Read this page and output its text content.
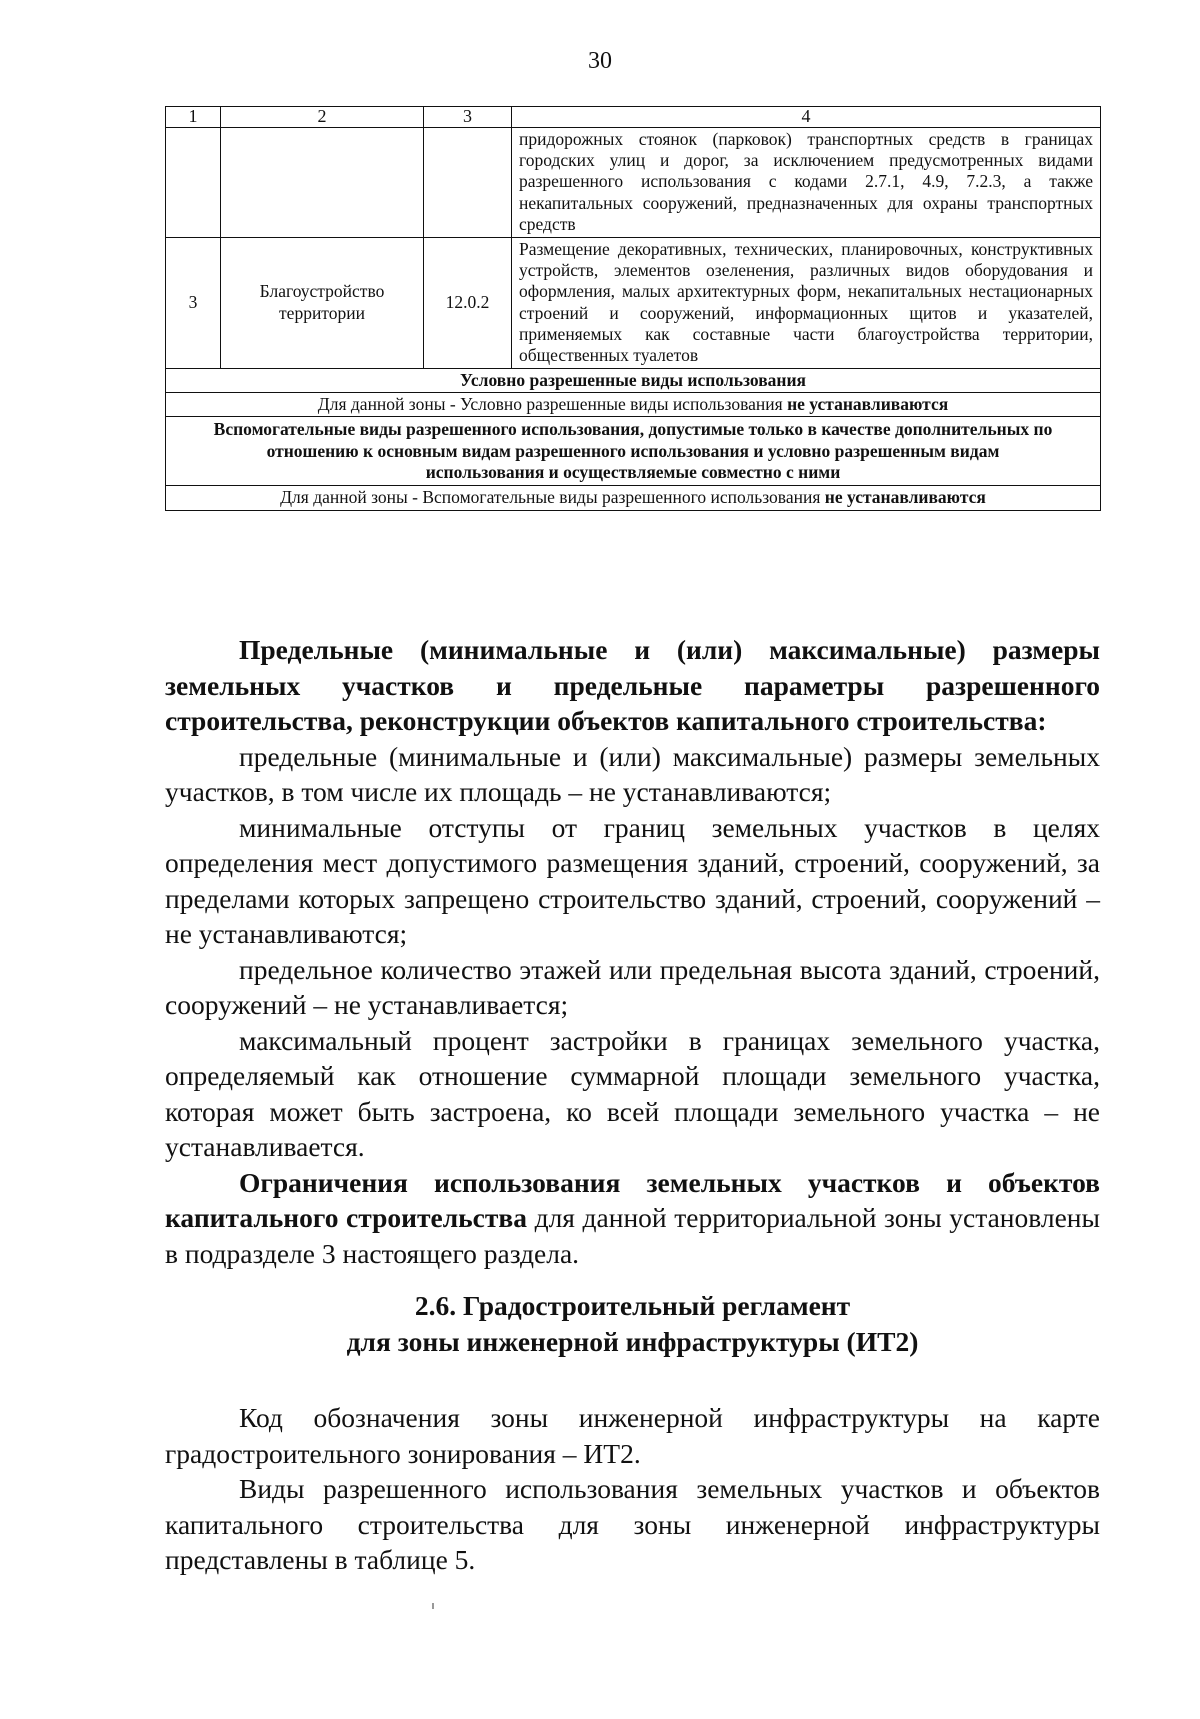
30
1	2	3	4
			придорожных стоянок (парковок) транспортных средств в границах городских улиц и дорог, за исключением предусмотренных видами разрешенного использования с кодами 2.7.1, 4.9, 7.2.3, а также некапитальных сооружений, предназначенных для охраны транспортных средств
3	Благоустройство территории	12.0.2	Размещение декоративных, технических, планировочных, конструктивных устройств, элементов озеленения, различных видов оборудования и оформления, малых архитектурных форм, некапитальных нестационарных строений и сооружений, информационных щитов и указателей, применяемых как составные части благоустройства территории, общественных туалетов
Условно разрешенные виды использования			
Для данной зоны - Условно разрешенные виды использования не устанавливаются			
Вспомогательные виды разрешенного использования, допустимые только в качестве дополнительных по отношению к основным видам разрешенного использования и условно разрешенным видам использования и осуществляемые совместно с ними			
Для данной зоны - Вспомогательные виды разрешенного использования не устанавливаются			

Предельные (минимальные и (или) максимальные) размеры земельных участков и предельные параметры разрешенного строительства, реконструкции объектов капитального строительства:

предельные (минимальные и (или) максимальные) размеры земельных участков, в том числе их площадь – не устанавливаются;

минимальные отступы от границ земельных участков в целях определения мест допустимого размещения зданий, строений, сооружений, за пределами которых запрещено строительство зданий, строений, сооружений – не устанавливаются;

предельное количество этажей или предельная высота зданий, строений, сооружений – не устанавливается;

максимальный процент застройки в границах земельного участка, определяемый как отношение суммарной площади земельного участка, которая может быть застроена, ко всей площади земельного участка – не устанавливается.

Ограничения использования земельных участков и объектов капитального строительства для данной территориальной зоны установлены в подразделе 3 настоящего раздела.

2.6. Градостроительный регламент
для зоны инженерной инфраструктуры (ИТ2)

Код обозначения зоны инженерной инфраструктуры на карте градостроительного зонирования – ИТ2.

Виды разрешенного использования земельных участков и объектов капитального строительства для зоны инженерной инфраструктуры представлены в таблице 5.
